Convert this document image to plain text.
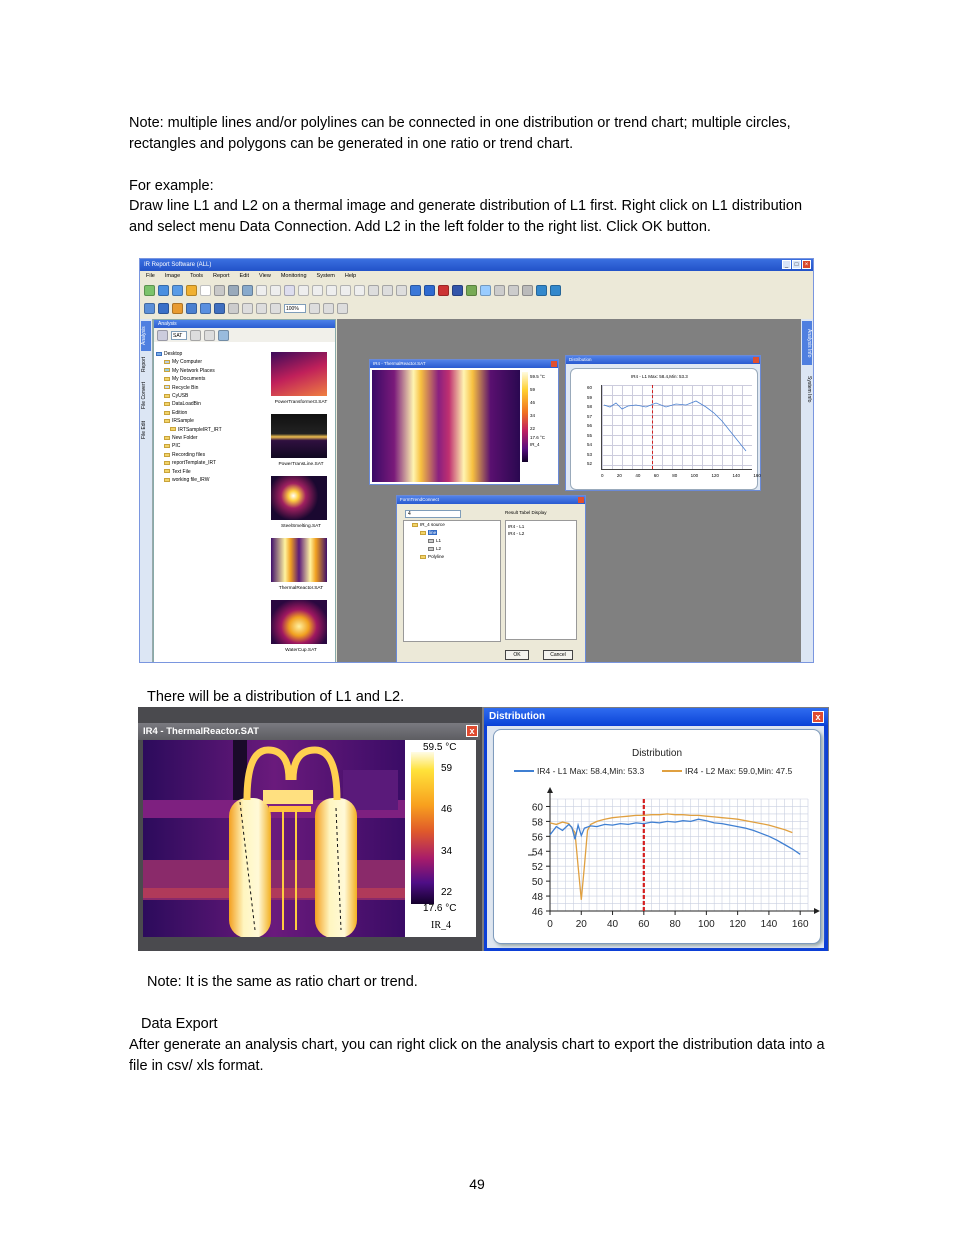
Note: multiple lines and/or polylines can be connected in one distribution or trend chart; multiple circles, rectangles and polygons can be generated in one ratio or trend chart.
For example:
Draw line L1 and L2 on a thermal image and generate distribution of L1 first. Right click on L1 distribution and select menu Data Connection. Add L2 in the left folder to the right list. Click OK button.
IR Report Software (ALL)	_	□	×
File Image Tools Report Edit View Monitoring System Help
100%
Analysis
Report
File Convert
File Edit
Analysis
SAT
Desktop
My Computer
My Network Places
My Documents
Recycle Bin
CyUSB
DataLoadBin
Edition
IRSample
IRTSampleIRT_IRT
New Folder
PIC
Recording files
reportTemplate_IRT
Text File
working file_IRW
PowerTransformer3.SAT
PowerTransLine.SAT
SteelSmelting.SAT
ThermalReactor.SAT
WaterCup.SAT
IR4 - ThermalReactor.SAT
59.5 °C
59
46
34
22
17.6 °C
IR_4
Distribution
IR4 - L1 Max: 58.4,Min: 53.3
60
59
58
57
56
55
54
53
52
0	20	40	60	80	100	120	140	160
FormTrendConnect
4
IR_4 source
line
L1
L2
Polyline
Result Tabel Display
IR4 - L1
IR4 - L2
OK	Cancel
Analysis Info
System Info
There will be a distribution of L1 and L2.
IR4 - ThermalReactor.SAT	x
59.5 °C
59
46
34
22
17.6 °C
IR_4
Distribution	x
Distribution
IR4 - L1 Max: 58.4,Min: 53.3	IR4 - L2 Max: 59.0,Min: 47.5
46
48
50
52
54
56
58
60
0 20 40 60 80 100 120 140 160
Note: It is the same as ratio chart or trend.
Data Export
After generate an analysis chart, you can right click on the analysis chart to export the distribution data into a file in csv/ xls format.
49
